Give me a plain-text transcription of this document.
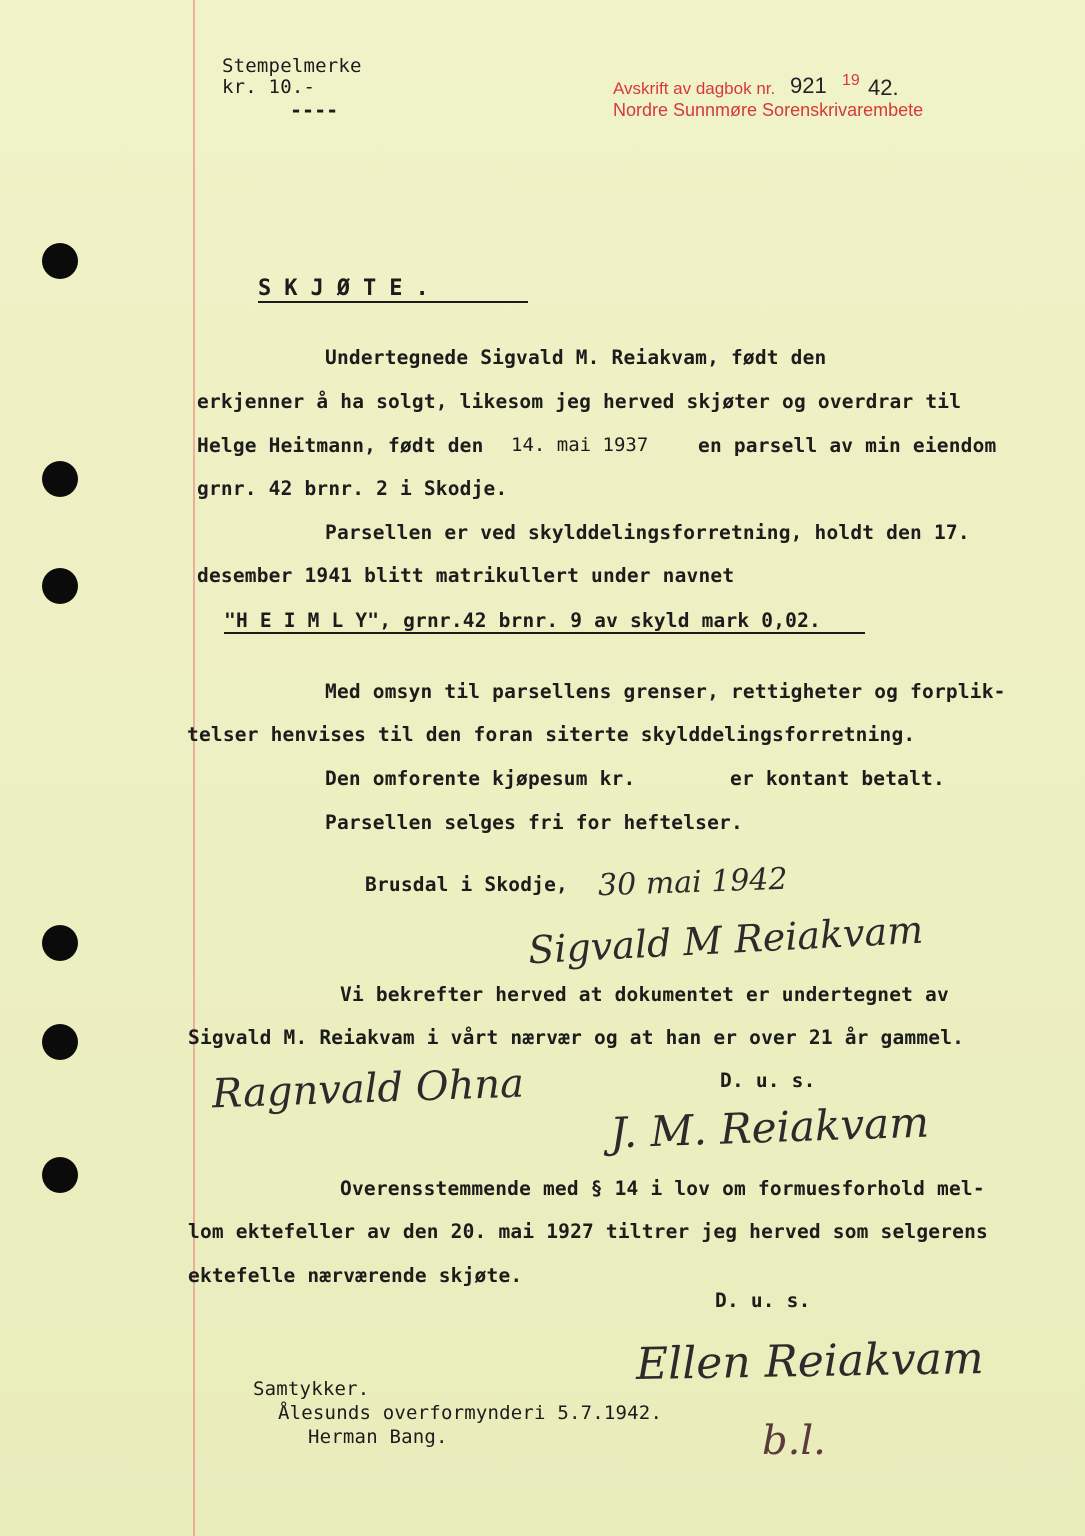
Stempelmerke
kr. 10.-
----
Avskrift av dagbok nr. 921 19 42.
Nordre Sunnmøre Sorenskrivarembete
SKJØTE.
Undertegnede Sigvald M. Reiakvam, født den
erkjenner å ha solgt, likesom jeg herved skjøter og overdrar til
Helge Heitmann, født den 14. mai 1937	en parsell av min eiendom
grnr. 42 brnr. 2 i Skodje.
Parsellen er ved skylddelingsforretning, holdt den 17.
desember 1941 blitt matrikullert under navnet
"H E I M L Y", grnr.42 brnr. 9 av skyld mark 0,02.
Med omsyn til parsellens grenser, rettigheter og forplik-
telser henvises til den foran siterte skylddelingsforretning.
Den omforente kjøpesum kr.	er kontant betalt.
Parsellen selges fri for heftelser.
Brusdal i Skodje, 30 mai 1942
Sigvald M Reiakvam
Vi bekrefter herved at dokumentet er undertegnet av
Sigvald M. Reiakvam i vårt nærvær og at han er over 21 år gammel.
Ragnvald Ohna	D. u. s.
J. M. Reiakvam
Overensstemmende med § 14 i lov om formuesforhold mel-
lom ektefeller av den 20. mai 1927 tiltrer jeg herved som selgerens
ektefelle nærværende skjøte.
D. u. s.
Ellen Reiakvam
Samtykker.
Ålesunds overformynderi 5.7.1942.
Herman Bang.	b.l.
